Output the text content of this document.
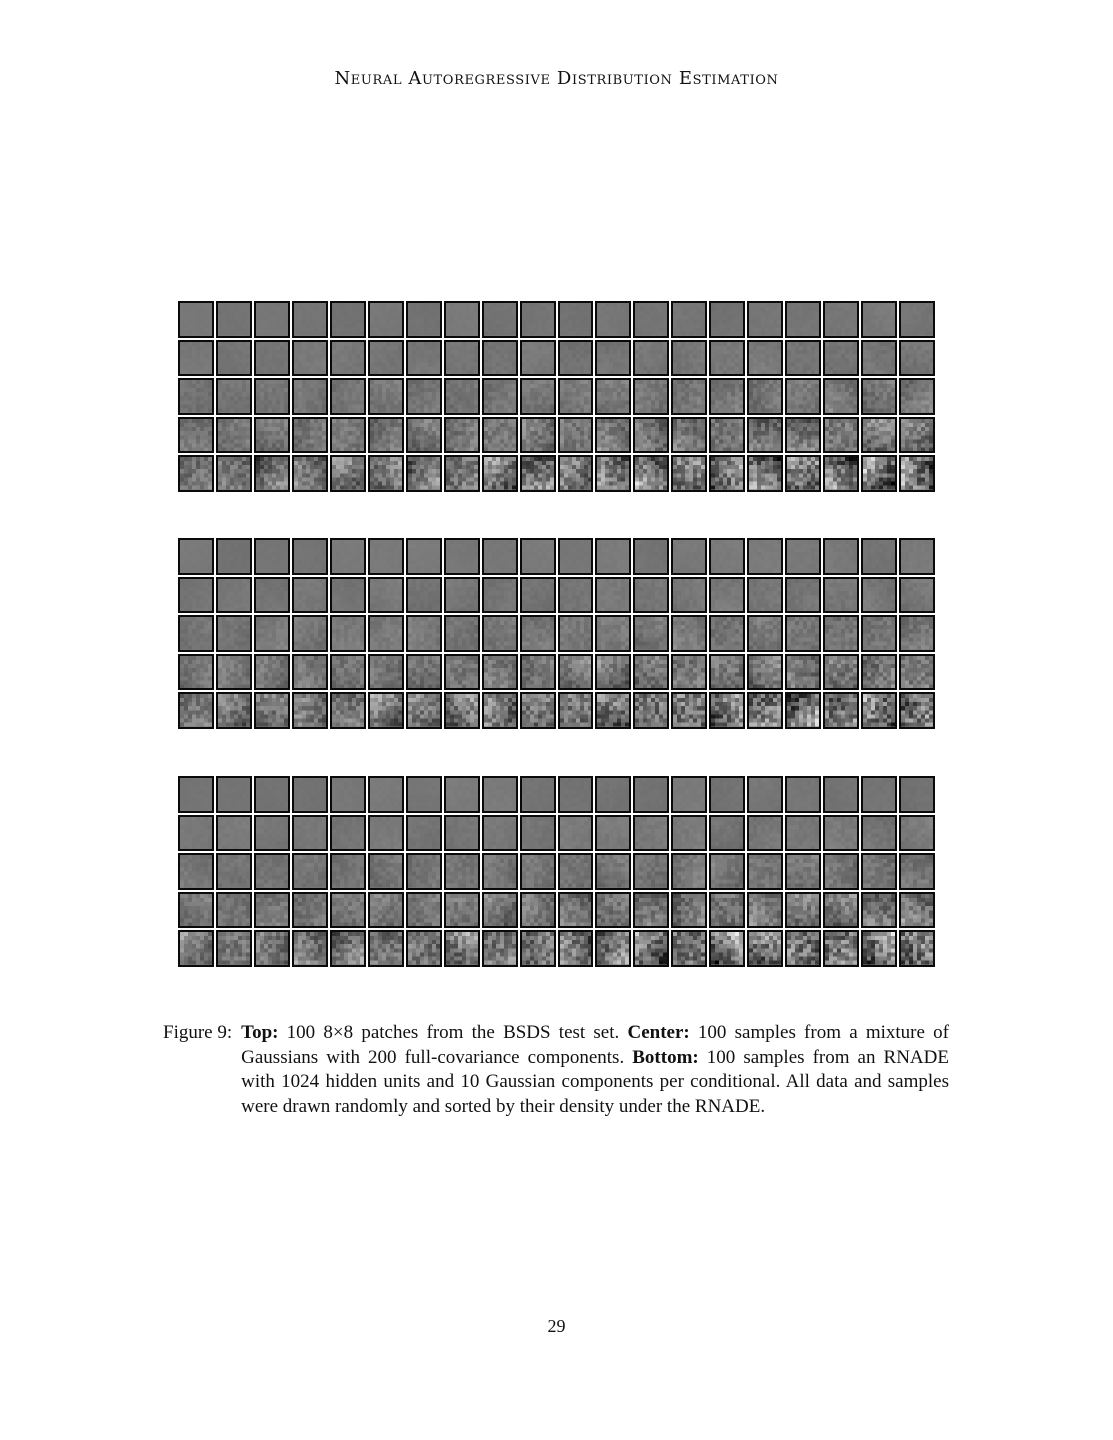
Neural Autoregressive Distribution Estimation
Figure 9: Top: 100 8×8 patches from the BSDS test set. Center: 100 samples from a mixture of Gaussians with 200 full-covariance components. Bottom: 100 samples from an RNADE with 1024 hidden units and 10 Gaussian components per conditional. All data and samples were drawn randomly and sorted by their density under the RNADE.
29
